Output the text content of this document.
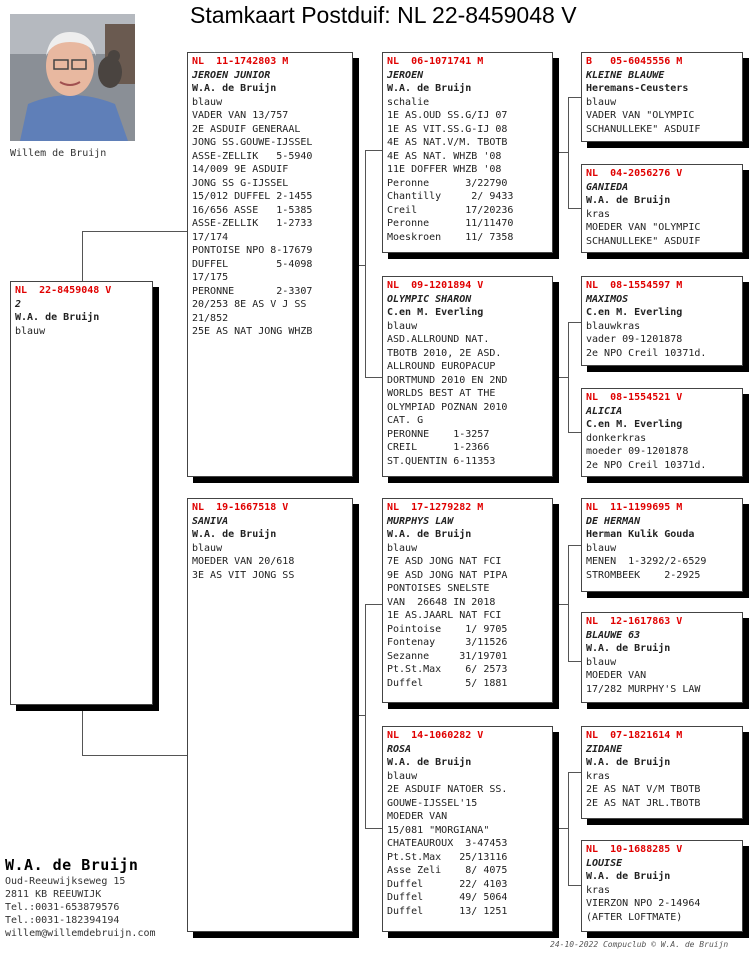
Stamkaart Postduif: NL 22-8459048 V
Willem de Bruijn
NL  22-8459048 V
2
W.A. de Bruijn
blauw
NL  11-1742803 M
JEROEN JUNIOR
W.A. de Bruijn
blauw
VADER VAN 13/757
2E ASDUIF GENERAAL
JONG SS.GOUWE-IJSSEL
ASSE-ZELLIK   5-5940
14/009 9E ASDUIF
JONG SS G-IJSSEL
15/012 DUFFEL 2-1455
16/656 ASSE   1-5385
ASSE-ZELLIK   1-2733
17/174
PONTOISE NPO 8-17679
DUFFEL        5-4098
17/175
PERONNE       2-3307
20/253 8E AS V J SS
21/852
25E AS NAT JONG WHZB
NL  19-1667518 V
SANIVA
W.A. de Bruijn
blauw
MOEDER VAN 20/618
3E AS VIT JONG SS
NL  06-1071741 M
JEROEN
W.A. de Bruijn
schalie
1E AS.OUD SS.G/IJ 07
1E AS VIT.SS.G-IJ 08
4E AS NAT.V/M. TBOTB
4E AS NAT. WHZB '08
11E DOFFER WHZB '08
Peronne      3/22790
Chantilly     2/ 9433
Creil        17/20236
Peronne      11/11470
Moeskroen    11/ 7358
NL  09-1201894 V
OLYMPIC SHARON
C.en M. Everling
blauw
ASD.ALLROUND NAT.
TBOTB 2010, 2E ASD.
ALLROUND EUROPACUP
DORTMUND 2010 EN 2ND
WORLDS BEST AT THE
OLYMPIAD POZNAN 2010
CAT. G
PERONNE    1-3257
CREIL      1-2366
ST.QUENTIN 6-11353
NL  17-1279282 M
MURPHYS LAW
W.A. de Bruijn
blauw
7E ASD JONG NAT FCI
9E ASD JONG NAT PIPA
PONTOISES SNELSTE
VAN  26648 IN 2018
1E AS.JAARL NAT FCI
Pointoise    1/ 9705
Fontenay     3/11526
Sezanne     31/19701
Pt.St.Max    6/ 2573
Duffel       5/ 1881
NL  14-1060282 V
ROSA
W.A. de Bruijn
blauw
2E ASDUIF NATOER SS.
GOUWE-IJSSEL'15
MOEDER VAN
15/081 "MORGIANA"
CHATEAUROUX  3-47453
Pt.St.Max   25/13116
Asse Zeli    8/ 4075
Duffel      22/ 4103
Duffel      49/ 5064
Duffel      13/ 1251
B   05-6045556 M
KLEINE BLAUWE
Heremans-Ceusters
blauw
VADER VAN "OLYMPIC
SCHANULLEKE" ASDUIF
NL  04-2056276 V
GANIEDA
W.A. de Bruijn
kras
MOEDER VAN "OLYMPIC
SCHANULLEKE" ASDUIF
NL  08-1554597 M
MAXIMOS
C.en M. Everling
blauwkras
vader 09-1201878
2e NPO Creil 10371d.
NL  08-1554521 V
ALICIA
C.en M. Everling
donkerkras
moeder 09-1201878
2e NPO Creil 10371d.
NL  11-1199695 M
DE HERMAN
Herman Kulik Gouda
blauw
MENEN  1-3292/2-6529
STROMBEEK    2-2925
NL  12-1617863 V
BLAUWE 63
W.A. de Bruijn
blauw
MOEDER VAN
17/282 MURPHY'S LAW
NL  07-1821614 M
ZIDANE
W.A. de Bruijn
kras
2E AS NAT V/M TBOTB
2E AS NAT JRL.TBOTB
NL  10-1688285 V
LOUISE
W.A. de Bruijn
kras
VIERZON NPO 2-14964
(AFTER LOFTMATE)
W.A. de Bruijn
Oud-Reeuwijkseweg 15
2811 KB REEUWIJK
Tel.:0031-653879576
Tel.:0031-182394194
willem@willemdebruijn.com
24-10-2022 Compuclub © W.A. de Bruijn
